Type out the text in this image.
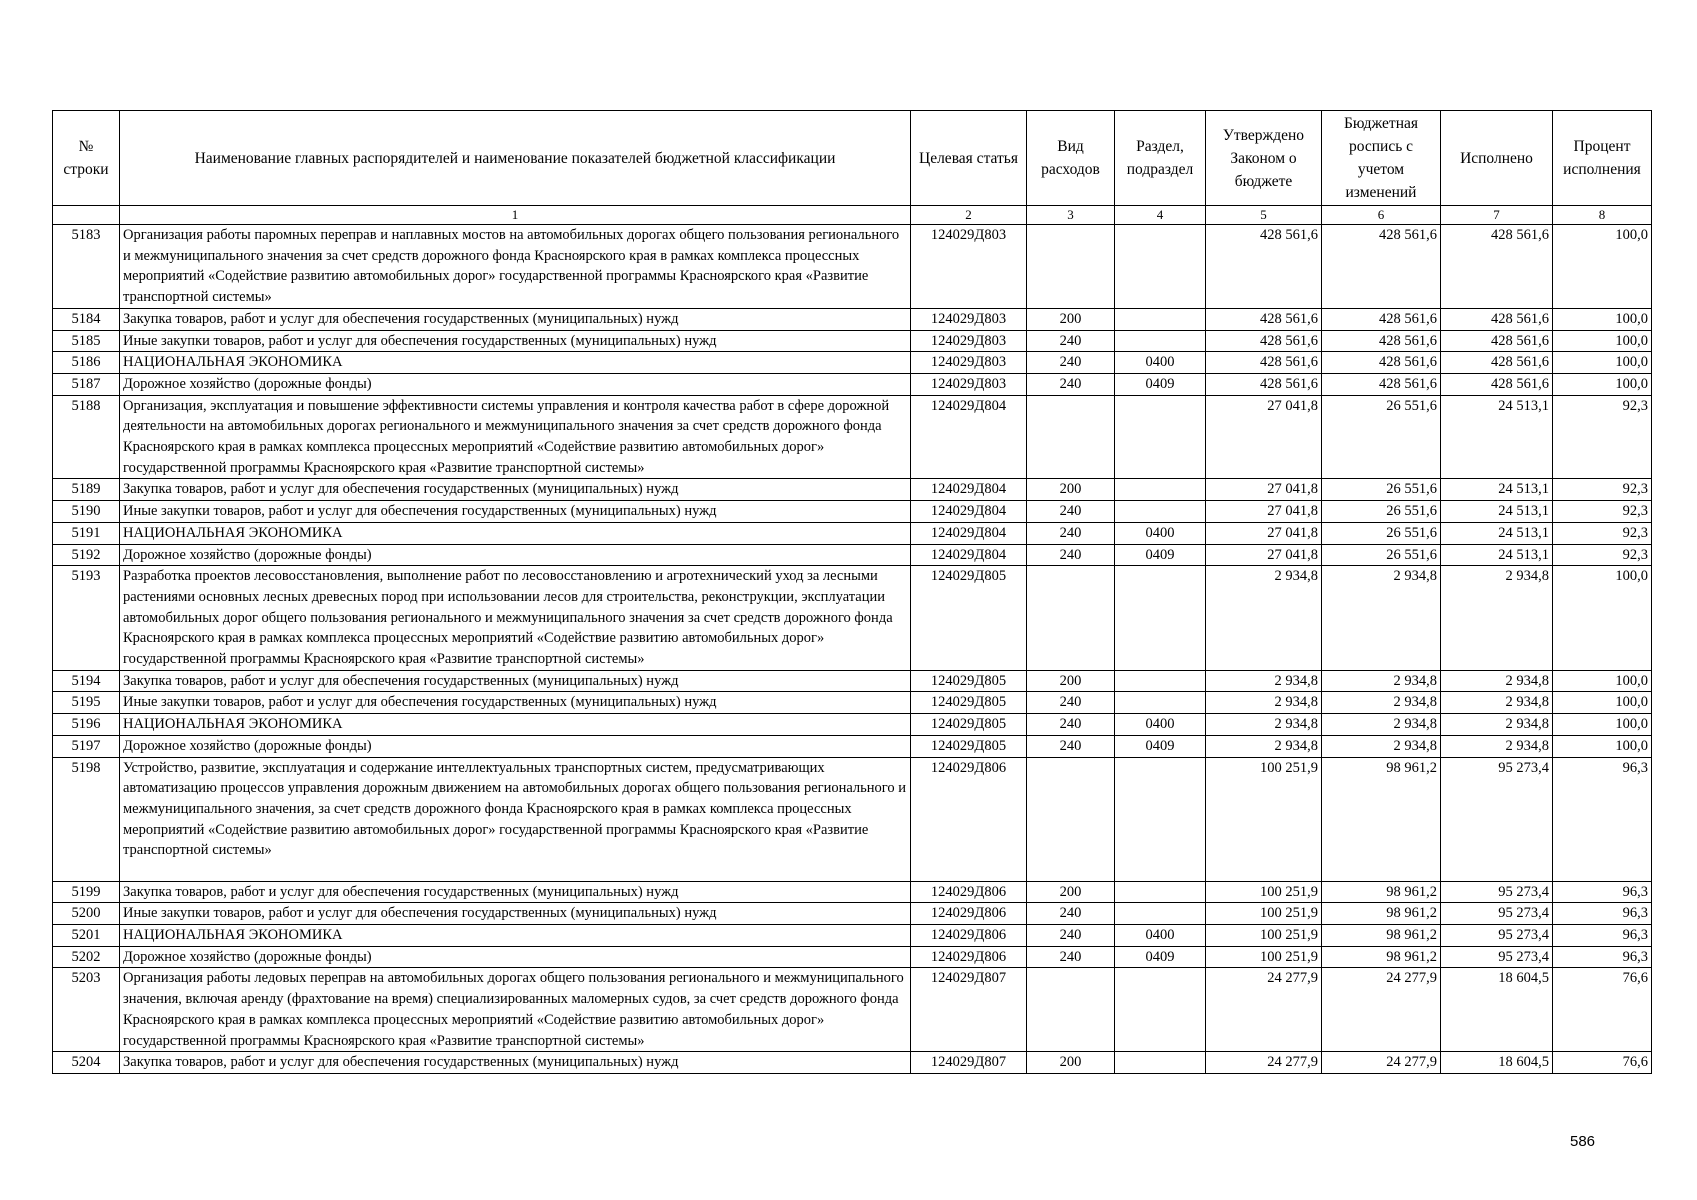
№ строки	Наименование главных распорядителей и наименование показателей бюджетной классификации	Целевая статья	Вид расходов	Раздел, подраздел	Утверждено Законом о бюджете	Бюджетная роспись с учетом изменений	Исполнено	Процент исполнения
	1	2	3	4	5	6	7	8
5183	Организация работы паромных переправ и наплавных мостов на автомобильных дорогах общего пользования регионального и межмуниципального значения за счет средств дорожного фонда Красноярского края в рамках комплекса процессных мероприятий «Содействие развитию автомобильных дорог» государственной программы Красноярского края «Развитие транспортной системы»	124029Д803			428 561,6	428 561,6	428 561,6	100,0
5184	Закупка товаров, работ и услуг для обеспечения государственных (муниципальных) нужд	124029Д803	200		428 561,6	428 561,6	428 561,6	100,0
5185	Иные закупки товаров, работ и услуг для обеспечения государственных (муниципальных) нужд	124029Д803	240		428 561,6	428 561,6	428 561,6	100,0
5186	НАЦИОНАЛЬНАЯ ЭКОНОМИКА	124029Д803	240	0400	428 561,6	428 561,6	428 561,6	100,0
5187	Дорожное хозяйство (дорожные фонды)	124029Д803	240	0409	428 561,6	428 561,6	428 561,6	100,0
5188	Организация, эксплуатация и повышение эффективности системы управления и контроля качества работ в сфере дорожной деятельности на автомобильных дорогах регионального и межмуниципального значения за счет средств дорожного фонда Красноярского края в рамках комплекса процессных мероприятий «Содействие развитию автомобильных дорог» государственной программы Красноярского края «Развитие транспортной системы»	124029Д804			27 041,8	26 551,6	24 513,1	92,3
5189	Закупка товаров, работ и услуг для обеспечения государственных (муниципальных) нужд	124029Д804	200		27 041,8	26 551,6	24 513,1	92,3
5190	Иные закупки товаров, работ и услуг для обеспечения государственных (муниципальных) нужд	124029Д804	240		27 041,8	26 551,6	24 513,1	92,3
5191	НАЦИОНАЛЬНАЯ ЭКОНОМИКА	124029Д804	240	0400	27 041,8	26 551,6	24 513,1	92,3
5192	Дорожное хозяйство (дорожные фонды)	124029Д804	240	0409	27 041,8	26 551,6	24 513,1	92,3
5193	Разработка проектов лесовосстановления, выполнение работ по лесовосстановлению и агротехнический уход за лесными растениями основных лесных древесных пород при использовании лесов для строительства, реконструкции, эксплуатации автомобильных дорог общего пользования регионального и межмуниципального значения за счет средств дорожного фонда Красноярского края в рамках комплекса процессных мероприятий «Содействие развитию автомобильных дорог» государственной программы Красноярского края «Развитие транспортной системы»	124029Д805			2 934,8	2 934,8	2 934,8	100,0
5194	Закупка товаров, работ и услуг для обеспечения государственных (муниципальных) нужд	124029Д805	200		2 934,8	2 934,8	2 934,8	100,0
5195	Иные закупки товаров, работ и услуг для обеспечения государственных (муниципальных) нужд	124029Д805	240		2 934,8	2 934,8	2 934,8	100,0
5196	НАЦИОНАЛЬНАЯ ЭКОНОМИКА	124029Д805	240	0400	2 934,8	2 934,8	2 934,8	100,0
5197	Дорожное хозяйство (дорожные фонды)	124029Д805	240	0409	2 934,8	2 934,8	2 934,8	100,0
5198	Устройство, развитие, эксплуатация и содержание интеллектуальных транспортных систем, предусматривающих автоматизацию процессов управления дорожным движением на автомобильных дорогах общего пользования регионального и межмуниципального значения, за счет средств дорожного фонда Красноярского края в рамках комплекса процессных мероприятий «Содействие развитию автомобильных дорог» государственной программы Красноярского края «Развитие транспортной системы»	124029Д806			100 251,9	98 961,2	95 273,4	96,3
5199	Закупка товаров, работ и услуг для обеспечения государственных (муниципальных) нужд	124029Д806	200		100 251,9	98 961,2	95 273,4	96,3
5200	Иные закупки товаров, работ и услуг для обеспечения государственных (муниципальных) нужд	124029Д806	240		100 251,9	98 961,2	95 273,4	96,3
5201	НАЦИОНАЛЬНАЯ ЭКОНОМИКА	124029Д806	240	0400	100 251,9	98 961,2	95 273,4	96,3
5202	Дорожное хозяйство (дорожные фонды)	124029Д806	240	0409	100 251,9	98 961,2	95 273,4	96,3
5203	Организация работы ледовых переправ на автомобильных дорогах общего пользования регионального и межмуниципального значения, включая аренду (фрахтование на время) специализированных маломерных судов, за счет средств дорожного фонда Красноярского края в рамках комплекса процессных мероприятий «Содействие развитию автомобильных дорог» государственной программы Красноярского края «Развитие транспортной системы»	124029Д807			24 277,9	24 277,9	18 604,5	76,6
5204	Закупка товаров, работ и услуг для обеспечения государственных (муниципальных) нужд	124029Д807	200		24 277,9	24 277,9	18 604,5	76,6
586
